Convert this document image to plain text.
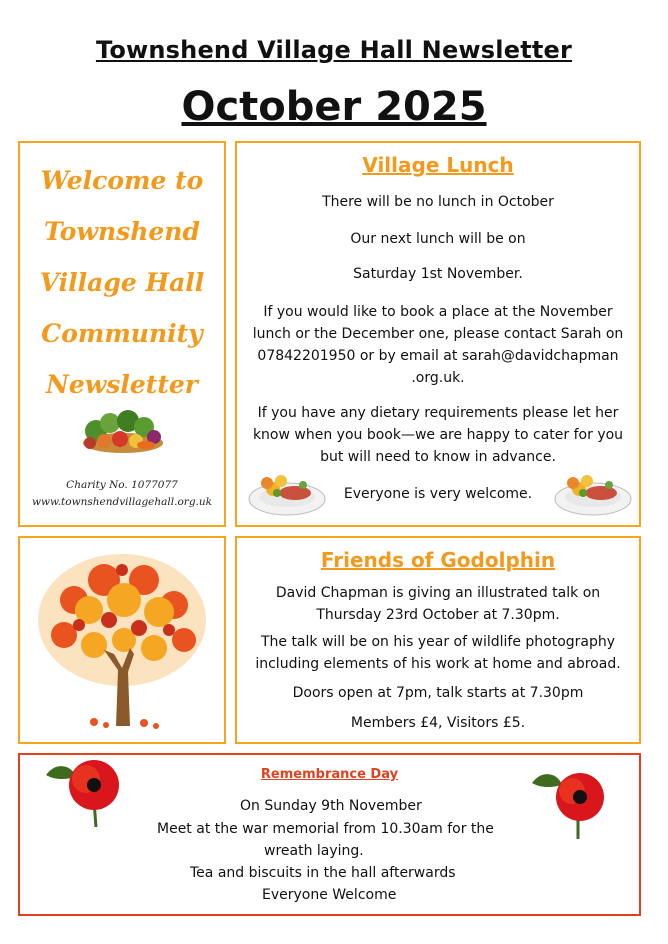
Townshend Village Hall Newsletter
October 2025
Welcome to
Townshend
Village Hall
Community
Newsletter
Charity No. 1077077
www.townshendvillagehall.org.uk
Village Lunch
There will be no lunch in October
Our next lunch will be on
Saturday 1st November.
If you would like to book a place at the November
lunch or the December one, please contact Sarah on
07842201950 or by email at sarah@davidchapman
.org.uk.
If you have any dietary requirements please let her
know when you book—we are happy to cater for you
but will need to know in advance.
Everyone is very welcome.
Friends of Godolphin
David Chapman is giving an illustrated talk on
Thursday 23rd October at 7.30pm.
The talk will be on his year of wildlife photography
including elements of his work at home and abroad.
Doors open at 7pm, talk starts at 7.30pm
Members £4, Visitors £5.
Remembrance Day
On Sunday 9th November
Meet at the war memorial from 10.30am for the
wreath laying.
Tea and biscuits in the hall afterwards
Everyone Welcome
